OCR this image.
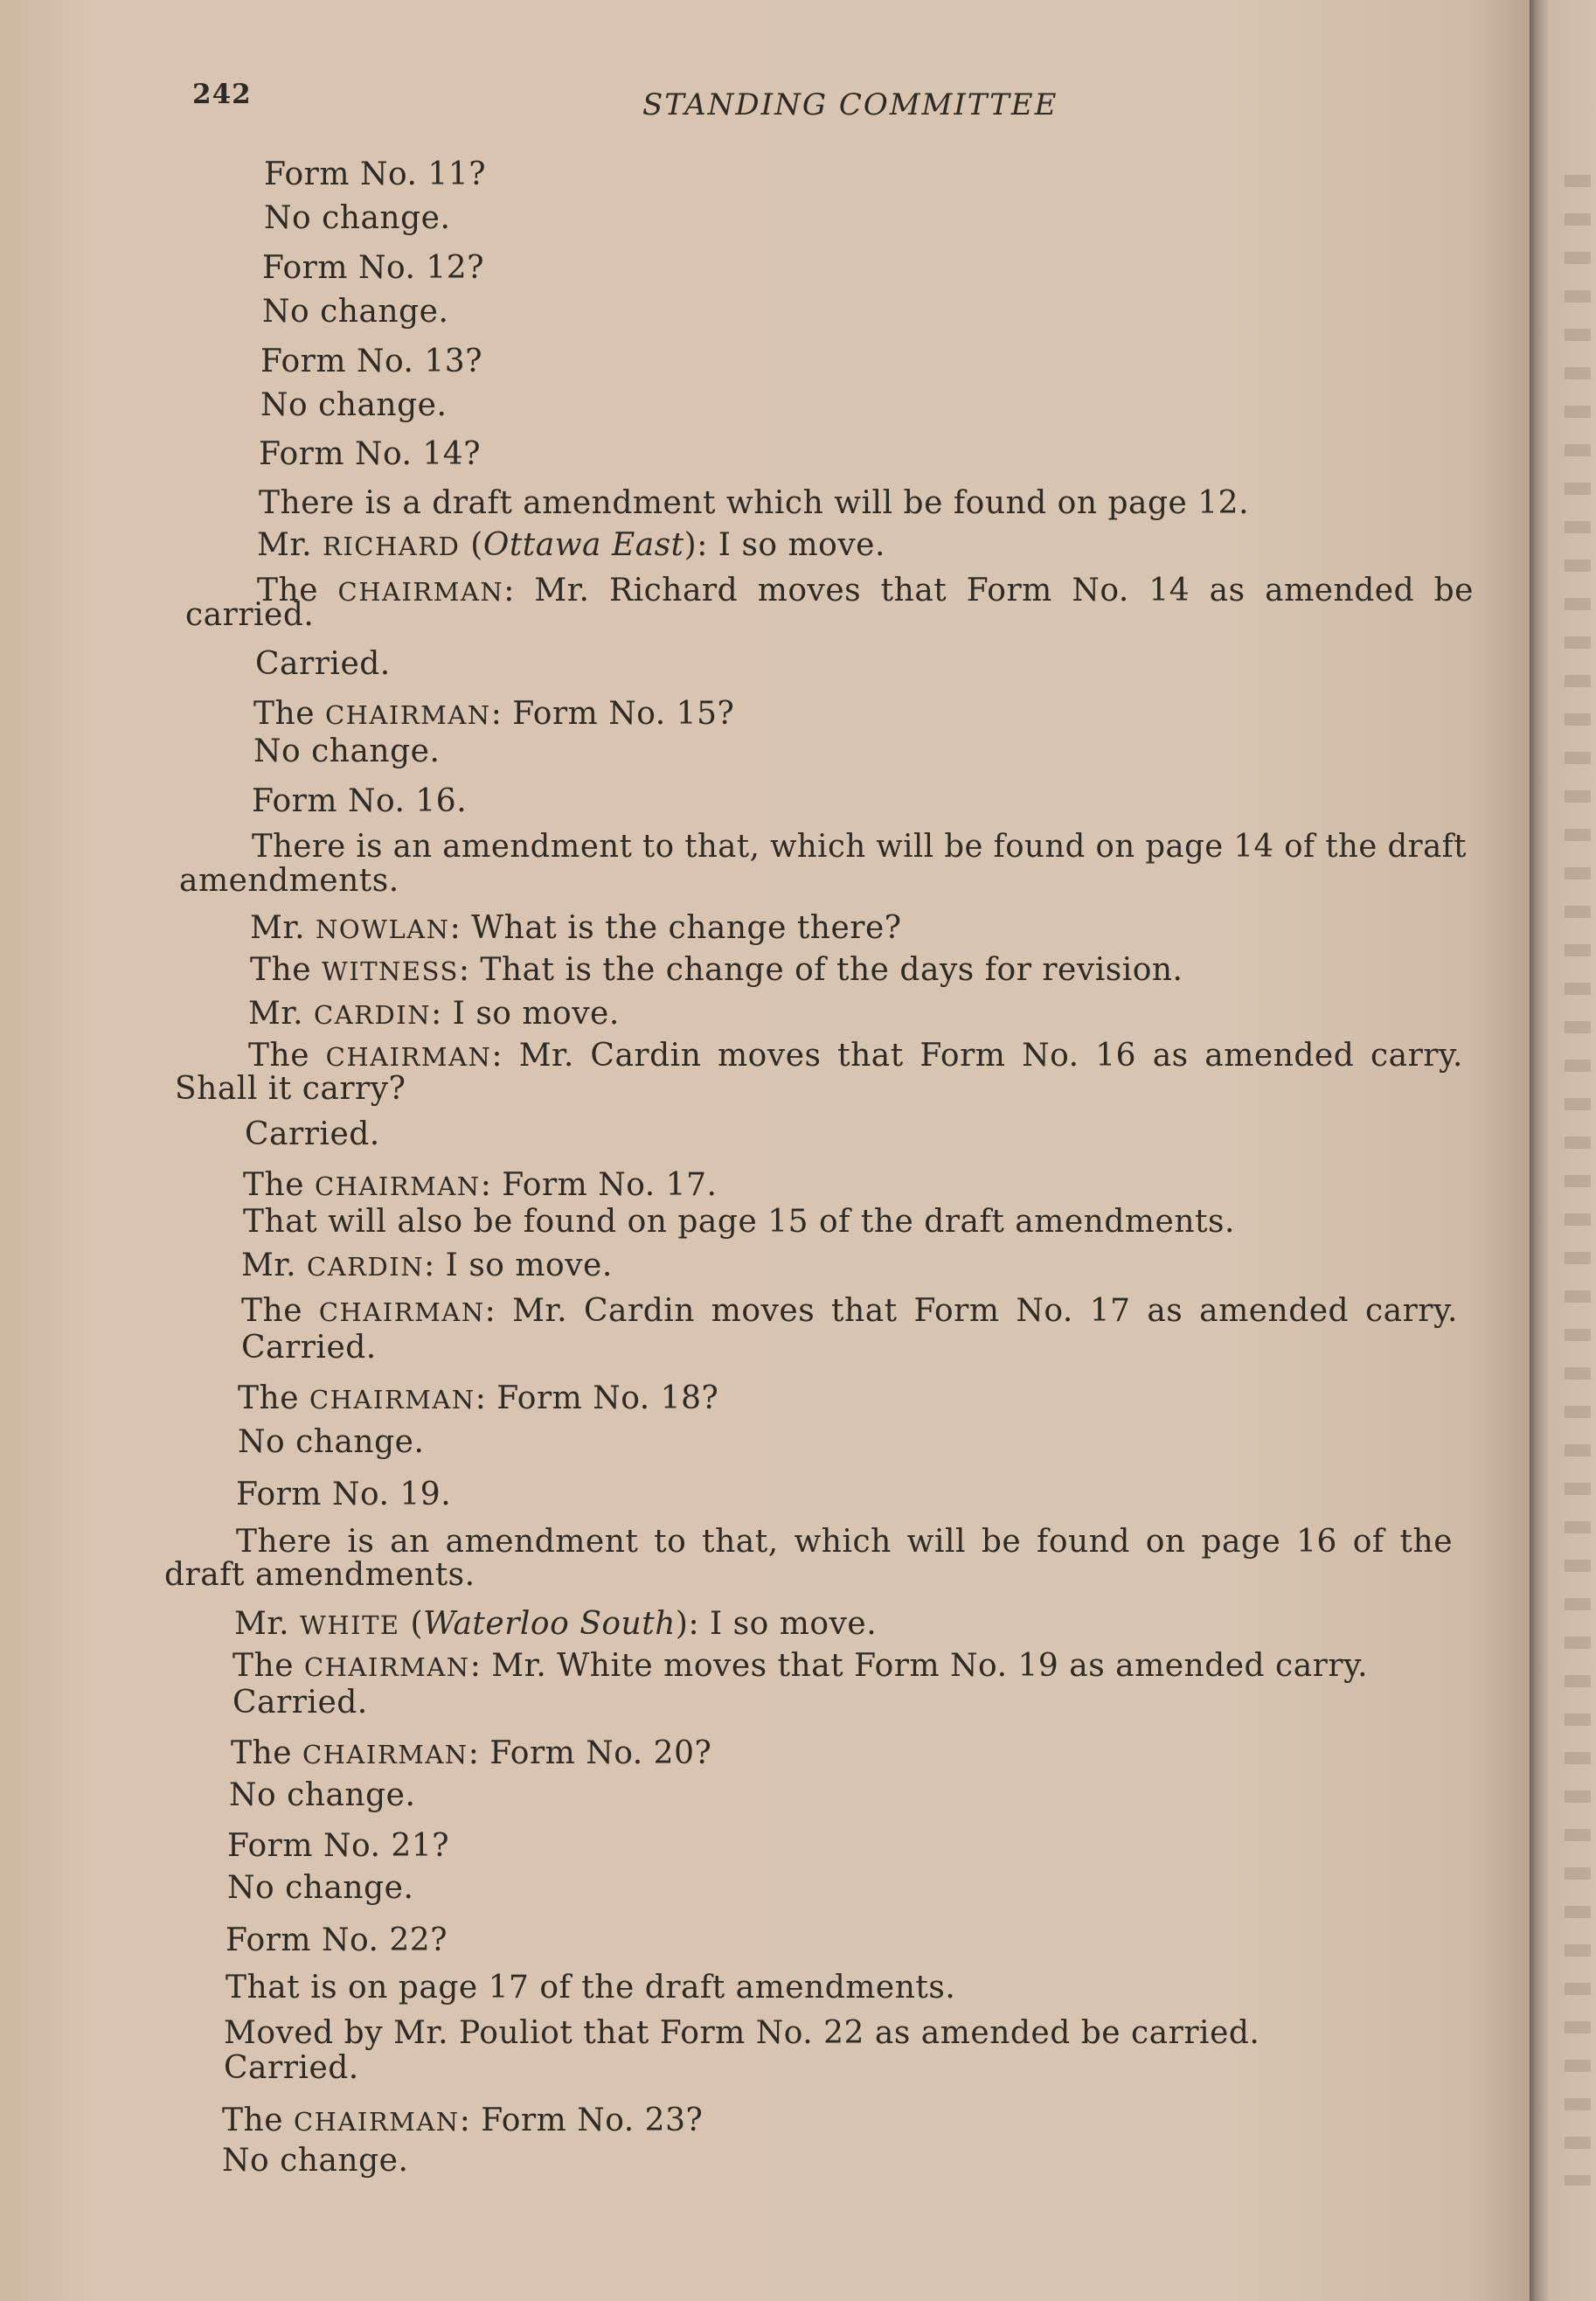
242	STANDING COMMITTEE
Form No. 11?
No change.
Form No. 12?
No change.
Form No. 13?
No change.
Form No. 14?
There is a draft amendment which will be found on page 12.
Mr. RICHARD (Ottawa East): I so move.
The CHAIRMAN: Mr. Richard moves that Form No. 14 as amended be
carried.
Carried.
The CHAIRMAN: Form No. 15?
No change.
Form No. 16.
There is an amendment to that, which will be found on page 14 of the draft
amendments.
Mr. NOWLAN: What is the change there?
The WITNESS: That is the change of the days for revision.
Mr. CARDIN: I so move.
The CHAIRMAN: Mr. Cardin moves that Form No. 16 as amended carry.
Shall it carry?
Carried.
The CHAIRMAN: Form No. 17.
That will also be found on page 15 of the draft amendments.
Mr. CARDIN: I so move.
The CHAIRMAN: Mr. Cardin moves that Form No. 17 as amended carry.
Carried.
The CHAIRMAN: Form No. 18?
No change.
Form No. 19.
There is an amendment to that, which will be found on page 16 of the
draft amendments.
Mr. WHITE (Waterloo South): I so move.
The CHAIRMAN: Mr. White moves that Form No. 19 as amended carry.
Carried.
The CHAIRMAN: Form No. 20?
No change.
Form No. 21?
No change.
Form No. 22?
That is on page 17 of the draft amendments.
Moved by Mr. Pouliot that Form No. 22 as amended be carried.
Carried.
The CHAIRMAN: Form No. 23?
No change.
